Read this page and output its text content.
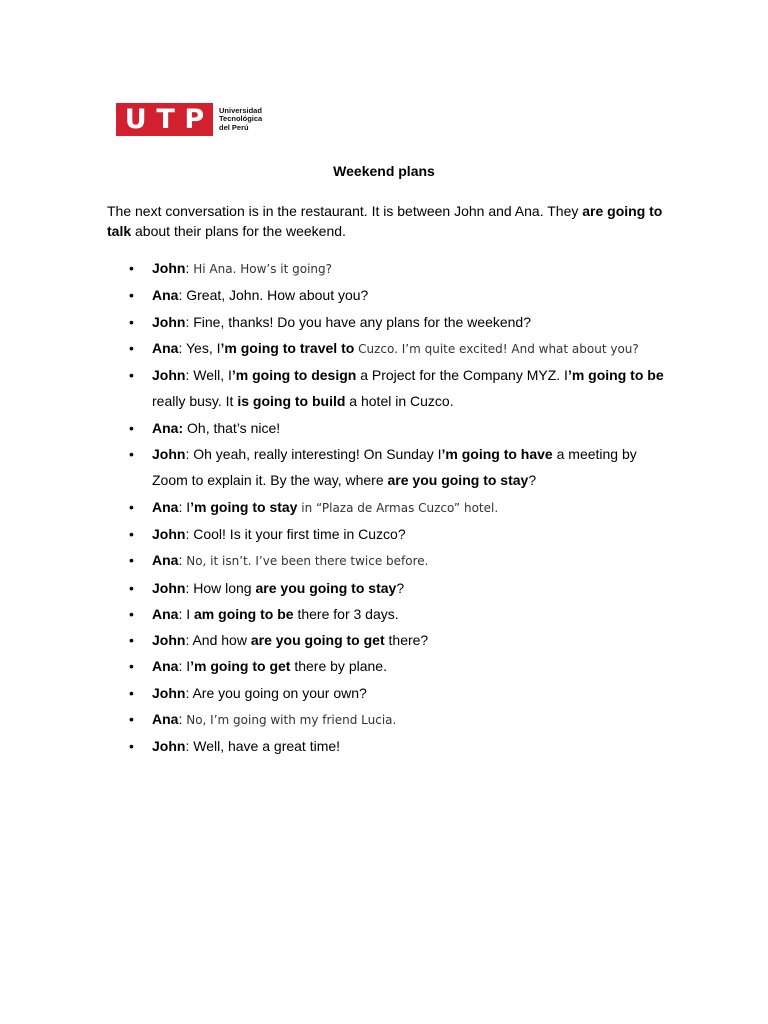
U T P Universidad
Tecnológica
del Perú
Weekend plans
The next conversation is in the restaurant. It is between John and Ana. They are going to talk about their plans for the weekend.
• John: Hi Ana. How’s it going?
• Ana: Great, John. How about you?
• John: Fine, thanks! Do you have any plans for the weekend?
• Ana: Yes, I’m going to travel to Cuzco. I’m quite excited! And what about you?
• John: Well, I’m going to design a Project for the Company MYZ. I’m going to be really busy. It is going to build a hotel in Cuzco.
• Ana: Oh, that’s nice!
• John: Oh yeah, really interesting! On Sunday I’m going to have a meeting by Zoom to explain it. By the way, where are you going to stay?
• Ana: I’m going to stay in “Plaza de Armas Cuzco” hotel.
• John: Cool! Is it your first time in Cuzco?
• Ana: No, it isn’t. I’ve been there twice before.
• John: How long are you going to stay?
• Ana: I am going to be there for 3 days.
• John: And how are you going to get there?
• Ana: I’m going to get there by plane.
• John: Are you going on your own?
• Ana: No, I’m going with my friend Lucia.
• John: Well, have a great time!
